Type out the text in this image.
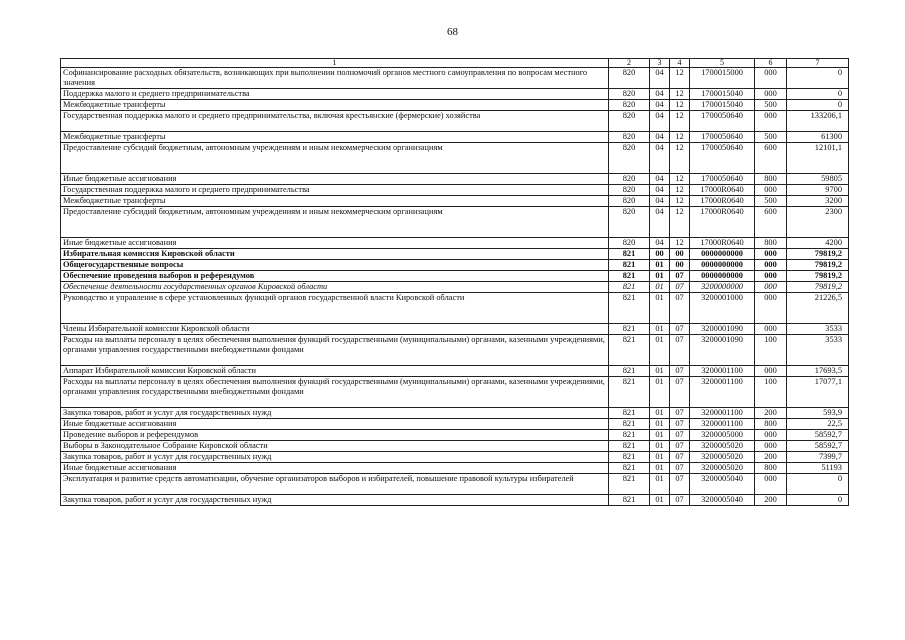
68
1	2	3	4	5	6	7
Софинансирование расходных обязательств, возникающих при выполнении полномочий органов местного самоуправления по вопросам местного значения	820	04	12	1700015000	000	0
Поддержка малого и среднего предпринимательства	820	04	12	1700015040	000	0
Межбюджетные трансферты	820	04	12	1700015040	500	0
Государственная поддержка малого и среднего предпринимательства, включая крестьянские (фермерские) хозяйства	820	04	12	1700050640	000	133206,1
Межбюджетные трансферты	820	04	12	1700050640	500	61300
Предоставление субсидий бюджетным, автономным учреждениям и иным некоммерческим организациям	820	04	12	1700050640	600	12101,1
Иные бюджетные ассигнования	820	04	12	1700050640	800	59805
Государственная поддержка малого и среднего предпринимательства	820	04	12	17000R0640	000	9700
Межбюджетные трансферты	820	04	12	17000R0640	500	3200
Предоставление субсидий бюджетным, автономным учреждениям и иным некоммерческим организациям	820	04	12	17000R0640	600	2300
Иные бюджетные ассигнования	820	04	12	17000R0640	800	4200
Избирательная комиссия Кировской области	821	00	00	0000000000	000	79819,2
Общегосударственные вопросы	821	01	00	0000000000	000	79819,2
Обеспечение проведения выборов и референдумов	821	01	07	0000000000	000	79819,2
Обеспечение деятельности государственных органов Кировской области	821	01	07	3200000000	000	79819,2
Руководство и управление в сфере установленных функций органов государственной власти Кировской области	821	01	07	3200001000	000	21226,5
Члены Избирательной комиссии Кировской области	821	01	07	3200001090	000	3533
Расходы на выплаты персоналу в целях обеспечения выполнения функций государственными (муниципальными) органами, казенными учреждениями, органами управления государственными внебюджетными фондами	821	01	07	3200001090	100	3533
Аппарат Избирательной комиссии Кировской области	821	01	07	3200001100	000	17693,5
Расходы на выплаты персоналу в целях обеспечения выполнения функций государственными (муниципальными) органами, казенными учреждениями, органами управления государственными внебюджетными фондами	821	01	07	3200001100	100	17077,1
Закупка товаров, работ и услуг для государственных нужд	821	01	07	3200001100	200	593,9
Иные бюджетные ассигнования	821	01	07	3200001100	800	22,5
Проведение выборов и референдумов	821	01	07	3200005000	000	58592,7
Выборы в Законодательное Собрание Кировской области	821	01	07	3200005020	000	58592,7
Закупка товаров, работ и услуг для государственных нужд	821	01	07	3200005020	200	7399,7
Иные бюджетные ассигнования	821	01	07	3200005020	800	51193
Эксплуатация и развитие средств автоматизации, обучение организаторов выборов и избирателей, повышение правовой культуры избирателей	821	01	07	3200005040	000	0
Закупка товаров, работ и услуг для государственных нужд	821	01	07	3200005040	200	0
